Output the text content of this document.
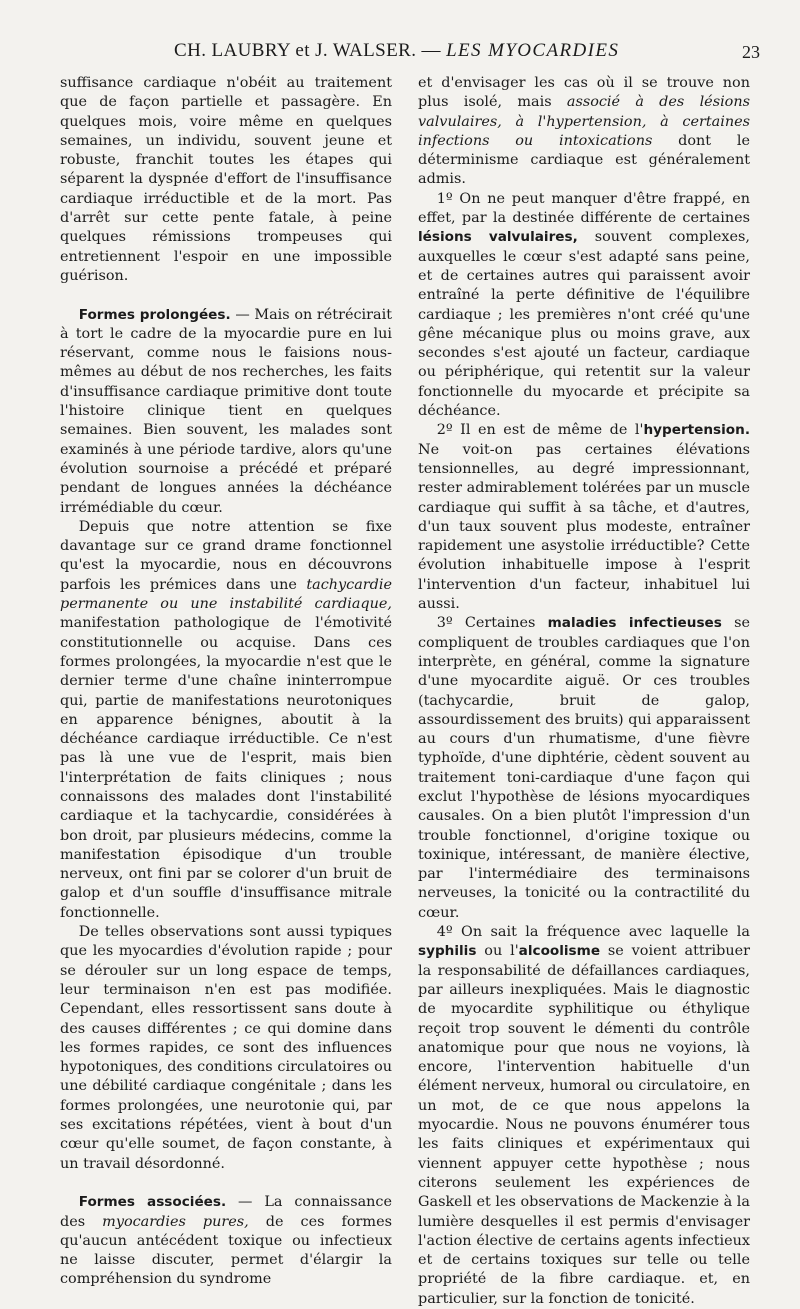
CH. LAUBRY et J. WALSER. — LES MYOCARDIES	23

suffisance cardiaque n'obéit au traitement que de façon partielle et passagère. En quelques mois, voire même en quelques semaines, un individu, souvent jeune et robuste, franchit toutes les étapes qui séparent la dyspnée d'effort de l'insuffisance cardiaque irréductible et de la mort. Pas d'arrêt sur cette pente fatale, à peine quelques rémissions trompeuses qui entretiennent l'espoir en une impossible guérison.

Formes prolongées. — Mais on rétrécirait à tort le cadre de la myocardie pure en lui réservant, comme nous le faisions nous-mêmes au début de nos recherches, les faits d'insuffisance cardiaque primitive dont toute l'histoire clinique tient en quelques semaines. Bien souvent, les malades sont examinés à une période tardive, alors qu'une évolution sournoise a précédé et préparé pendant de longues années la déchéance irrémédiable du cœur.

Depuis que notre attention se fixe davantage sur ce grand drame fonctionnel qu'est la myocardie, nous en découvrons parfois les prémices dans une tachycardie permanente ou une instabilité cardiaque, manifestation pathologique de l'émotivité constitutionnelle ou acquise. Dans ces formes prolongées, la myocardie n'est que le dernier terme d'une chaîne ininterrompue qui, partie de manifestations neurotoniques en apparence bénignes, aboutit à la déchéance cardiaque irréductible. Ce n'est pas là une vue de l'esprit, mais bien l'interprétation de faits cliniques ; nous connaissons des malades dont l'instabilité cardiaque et la tachycardie, considérées à bon droit, par plusieurs médecins, comme la manifestation épisodique d'un trouble nerveux, ont fini par se colorer d'un bruit de galop et d'un souffle d'insuffisance mitrale fonctionnelle.

De telles observations sont aussi typiques que les myocardies d'évolution rapide ; pour se dérouler sur un long espace de temps, leur terminaison n'en est pas modifiée. Cependant, elles ressortissent sans doute à des causes différentes ; ce qui domine dans les formes rapides, ce sont des influences hypotoniques, des conditions circulatoires ou une débilité cardiaque congénitale ; dans les formes prolongées, une neurotonie qui, par ses excitations répétées, vient à bout d'un cœur qu'elle soumet, de façon constante, à un travail désordonné.

Formes associées. — La connaissance des myocardies pures, de ces formes qu'aucun antécédent toxique ou infectieux ne laisse discuter, permet d'élargir la compréhension du syndrome

et d'envisager les cas où il se trouve non plus isolé, mais associé à des lésions valvulaires, à l'hypertension, à certaines infections ou intoxications dont le déterminisme cardiaque est généralement admis.

1º On ne peut manquer d'être frappé, en effet, par la destinée différente de certaines lésions valvulaires, souvent complexes, auxquelles le cœur s'est adapté sans peine, et de certaines autres qui paraissent avoir entraîné la perte définitive de l'équilibre cardiaque ; les premières n'ont créé qu'une gêne mécanique plus ou moins grave, aux secondes s'est ajouté un facteur, cardiaque ou périphérique, qui retentit sur la valeur fonctionnelle du myocarde et précipite sa déchéance.

2º Il en est de même de l'hypertension. Ne voit-on pas certaines élévations tensionnelles, au degré impressionnant, rester admirablement tolérées par un muscle cardiaque qui suffit à sa tâche, et d'autres, d'un taux souvent plus modeste, entraîner rapidement une asystolie irréductible? Cette évolution inhabituelle impose à l'esprit l'intervention d'un facteur, inhabituel lui aussi.

3º Certaines maladies infectieuses se compliquent de troubles cardiaques que l'on interprète, en général, comme la signature d'une myocardite aiguë. Or ces troubles (tachycardie, bruit de galop, assourdissement des bruits) qui apparaissent au cours d'un rhumatisme, d'une fièvre typhoïde, d'une diphtérie, cèdent souvent au traitement toni-cardiaque d'une façon qui exclut l'hypothèse de lésions myocardiques causales. On a bien plutôt l'impression d'un trouble fonctionnel, d'origine toxique ou toxinique, intéressant, de manière élective, par l'intermédiaire des terminaisons nerveuses, la tonicité ou la contractilité du cœur.

4º On sait la fréquence avec laquelle la syphilis ou l'alcoolisme se voient attribuer la responsabilité de défaillances cardiaques, par ailleurs inexpliquées. Mais le diagnostic de myocardite syphilitique ou éthylique reçoit trop souvent le démenti du contrôle anatomique pour que nous ne voyions, là encore, l'intervention habituelle d'un élément nerveux, humoral ou circulatoire, en un mot, de ce que nous appelons la myocardie. Nous ne pouvons énumérer tous les faits cliniques et expérimentaux qui viennent appuyer cette hypothèse ; nous citerons seulement les expériences de Gaskell et les observations de Mackenzie à la lumière desquelles il est permis d'envisager l'action élective de certains agents infectieux et de certains toxiques sur telle ou telle propriété de la fibre cardiaque. et, en particulier, sur la fonction de tonicité.
